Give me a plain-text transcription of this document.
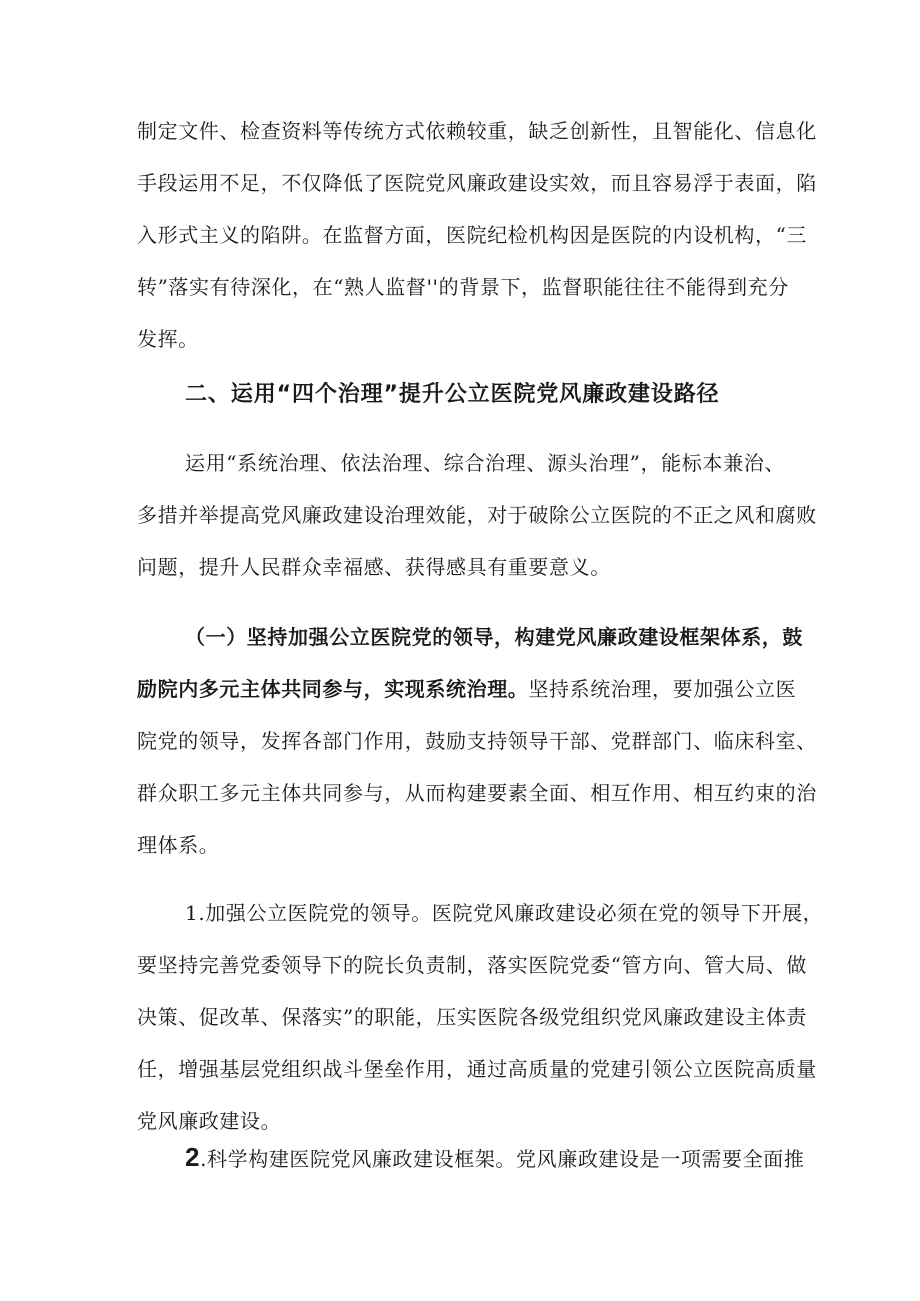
制定文件、检查资料等传统方式依赖较重，缺乏创新性，且智能化、信息化
手段运用不足，不仅降低了医院党风廉政建设实效，而且容易浮于表面，陷
入形式主义的陷阱。在监督方面，医院纪检机构因是医院的内设机构，“三
转”落实有待深化，在“熟人监督''的背景下，监督职能往往不能得到充分
发挥。
二、运用“四个治理”提升公立医院党风廉政建设路径
运用“系统治理、依法治理、综合治理、源头治理”，能标本兼治、
多措并举提高党风廉政建设治理效能，对于破除公立医院的不正之风和腐败
问题，提升人民群众幸福感、获得感具有重要意义。
（一）坚持加强公立医院党的领导，构建党风廉政建设框架体系，鼓
励院内多元主体共同参与，实现系统治理。坚持系统治理，要加强公立医
院党的领导，发挥各部门作用，鼓励支持领导干部、党群部门、临床科室、
群众职工多元主体共同参与，从而构建要素全面、相互作用、相互约束的治
理体系。
1.加强公立医院党的领导。医院党风廉政建设必须在党的领导下开展，
要坚持完善党委领导下的院长负责制，落实医院党委“管方向、管大局、做
决策、促改革、保落实”的职能，压实医院各级党组织党风廉政建设主体责
任，增强基层党组织战斗堡垒作用，通过高质量的党建引领公立医院高质量
党风廉政建设。
2.科学构建医院党风廉政建设框架。党风廉政建设是一项需要全面推
